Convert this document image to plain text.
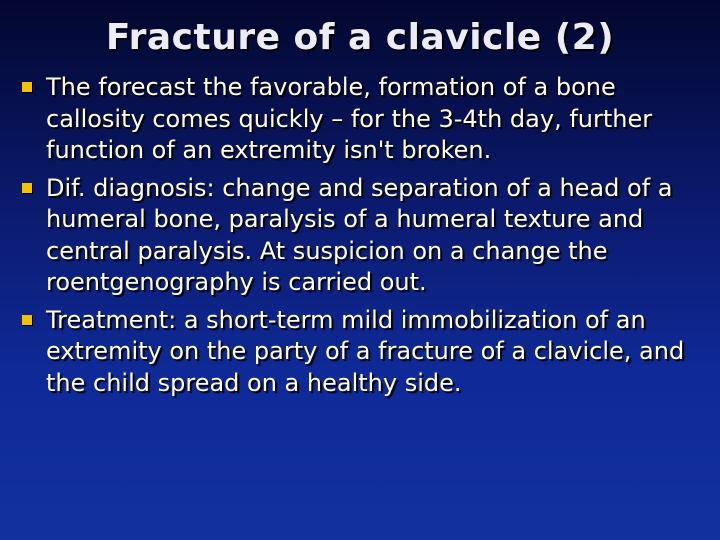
Fracture of a clavicle (2)
The forecast the favorable, formation of a bone callosity comes quickly – for the 3-4th day, further function of an extremity isn't broken.
Dif. diagnosis: change and separation of a head of a humeral bone, paralysis of a humeral texture and central paralysis. At suspicion on a change the roentgenography is carried out.
Treatment: a short-term mild immobilization of an extremity on the party of a fracture of a clavicle, and the child spread on a healthy side.
